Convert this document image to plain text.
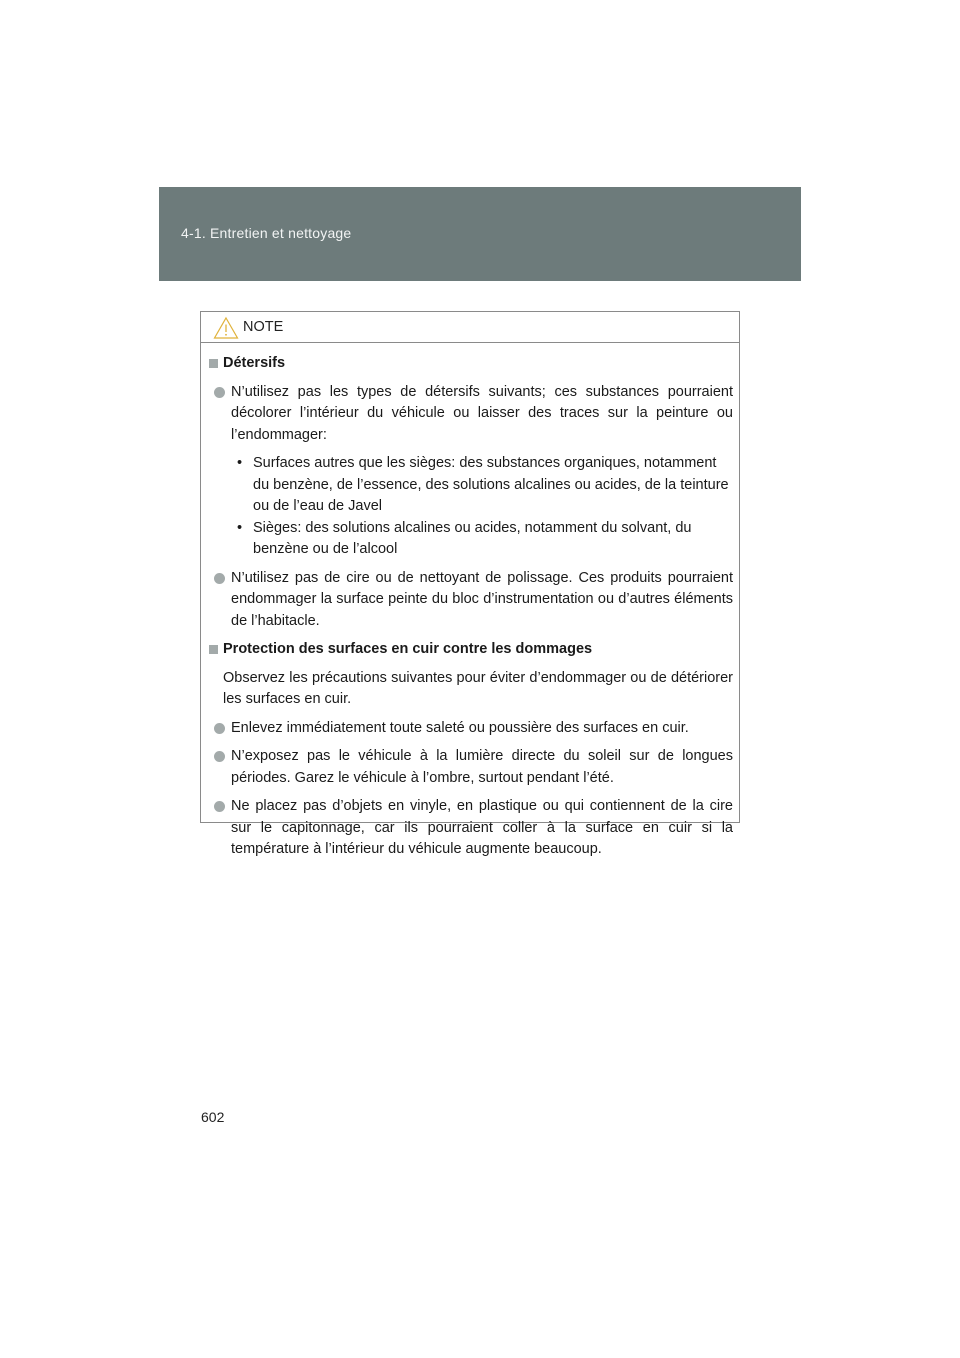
4-1. Entretien et nettoyage
NOTE
Détersifs
N’utilisez pas les types de détersifs suivants; ces substances pourraient décolorer l’intérieur du véhicule ou laisser des traces sur la peinture ou l’endommager:
• Surfaces autres que les sièges: des substances organiques, notamment du benzène, de l’essence, des solutions alcalines ou acides, de la teinture ou de l’eau de Javel
• Sièges: des solutions alcalines ou acides, notamment du solvant, du benzène ou de l’alcool
N’utilisez pas de cire ou de nettoyant de polissage. Ces produits pourraient endommager la surface peinte du bloc d’instrumentation ou d’autres éléments de l’habitacle.
Protection des surfaces en cuir contre les dommages
Observez les précautions suivantes pour éviter d’endommager ou de détériorer les surfaces en cuir.
Enlevez immédiatement toute saleté ou poussière des surfaces en cuir.
N’exposez pas le véhicule à la lumière directe du soleil sur de longues périodes. Garez le véhicule à l’ombre, surtout pendant l’été.
Ne placez pas d’objets en vinyle, en plastique ou qui contiennent de la cire sur le capitonnage, car ils pourraient coller à la surface en cuir si la température à l’intérieur du véhicule augmente beaucoup.
602
